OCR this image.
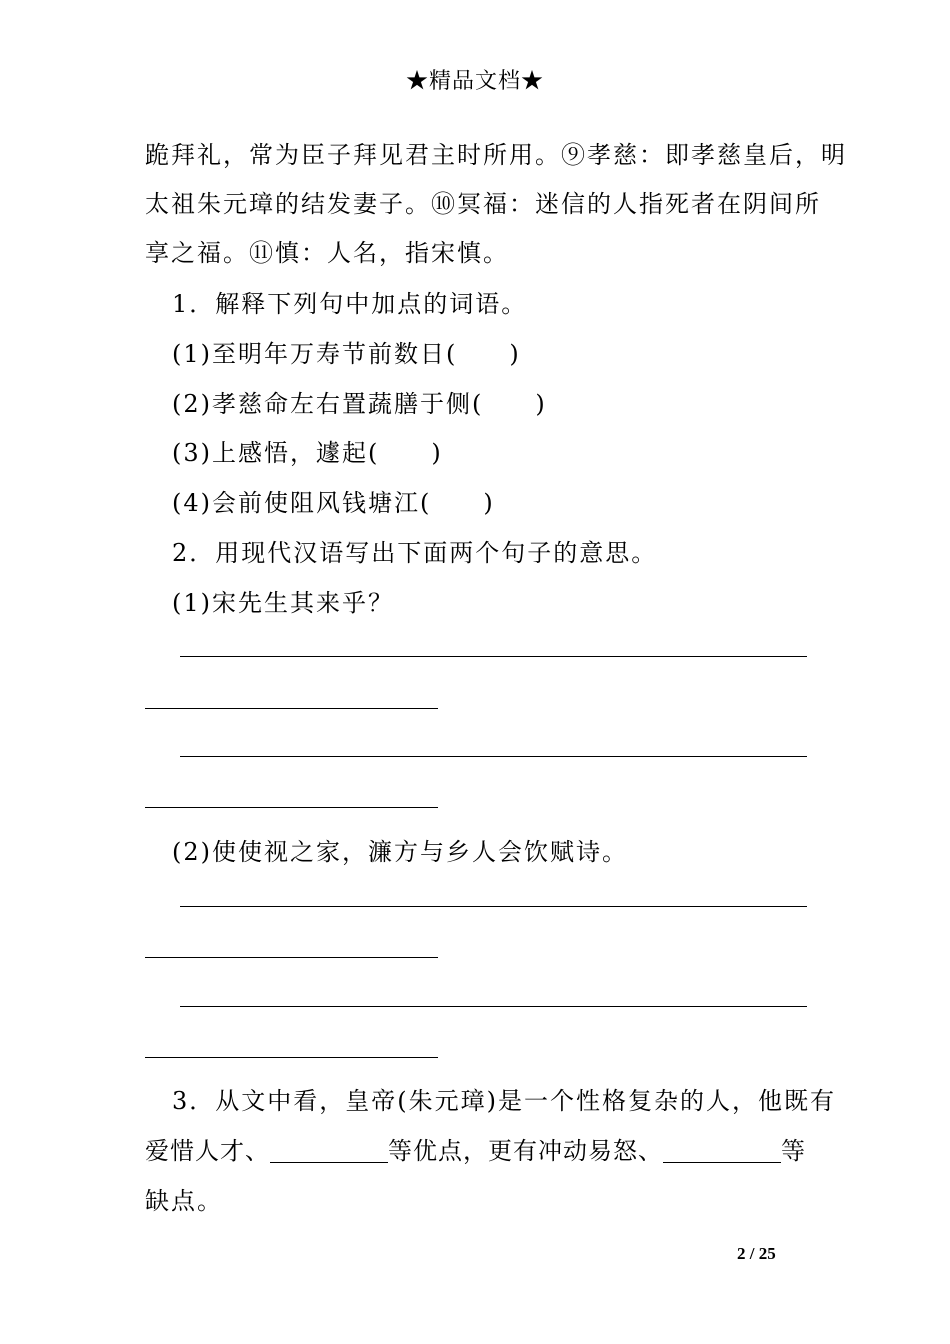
★精品文档★
跪拜礼，常为臣子拜见君主时所用。⑨孝慈：即孝慈皇后，明
太祖朱元璋的结发妻子。⑩冥福：迷信的人指死者在阴间所
享之福。⑪慎：人名，指宋慎。
1．解释下列句中加点的词语。
(1)至明年万寿节前数日(　　)
(2)孝慈命左右置蔬膳于侧(　　)
(3)上感悟，遽起(　　)
(4)会前使阻风钱塘江(　　)
2．用现代汉语写出下面两个句子的意思。
(1)宋先生其来乎？
(2)使使视之家，濂方与乡人会饮赋诗。
3．从文中看，皇帝(朱元璋)是一个性格复杂的人，他既有
爱惜人才、	等优点，更有冲动易怒、	等
缺点。
2 / 25
